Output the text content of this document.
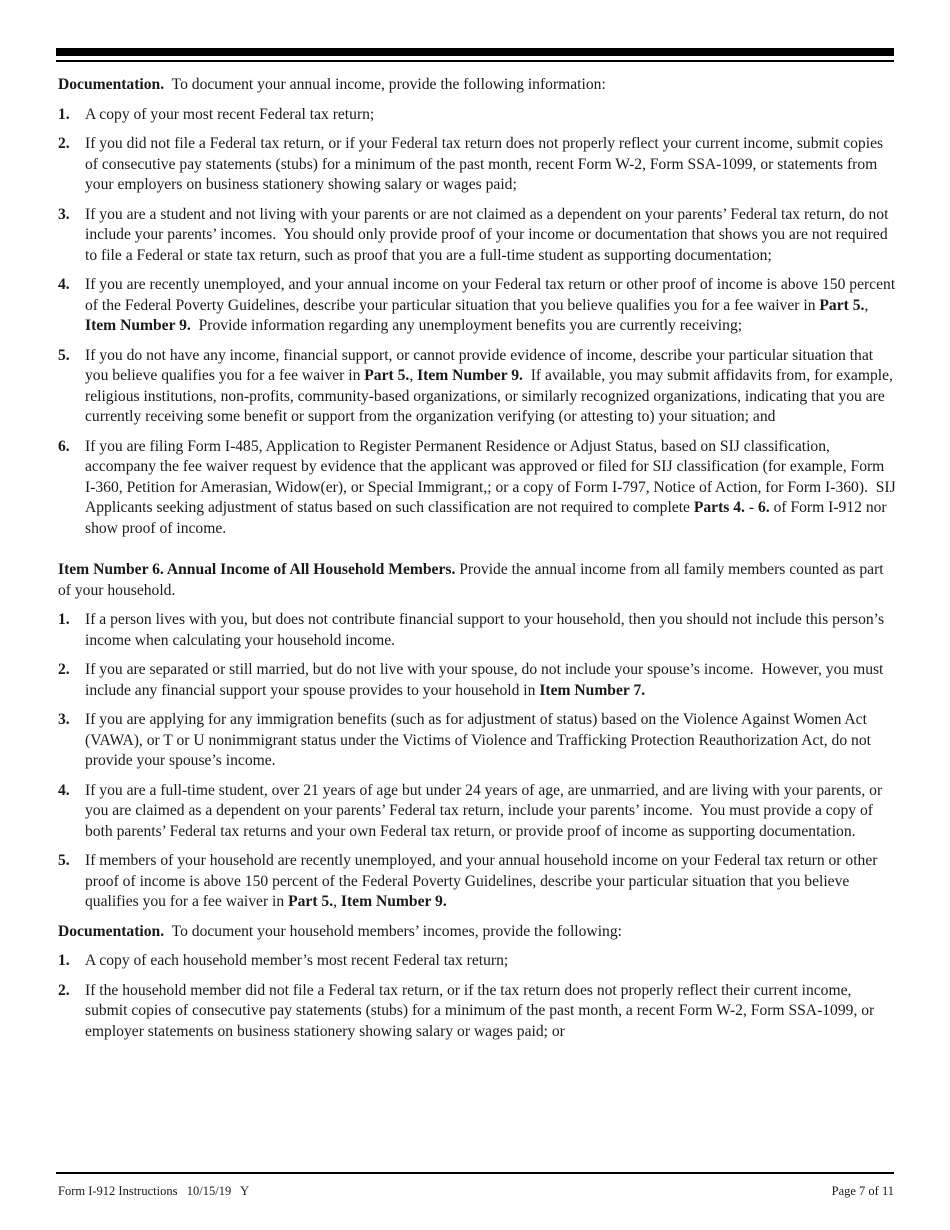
Documentation. To document your annual income, provide the following information:

1. A copy of your most recent Federal tax return;
2. If you did not file a Federal tax return, or if your Federal tax return does not properly reflect your current income, submit copies of consecutive pay statements (stubs) for a minimum of the past month, recent Form W-2, Form SSA-1099, or statements from your employers on business stationery showing salary or wages paid;
3. If you are a student and not living with your parents or are not claimed as a dependent on your parents’ Federal tax return, do not include your parents’ incomes.  You should only provide proof of your income or documentation that shows you are not required to file a Federal or state tax return, such as proof that you are a full-time student as supporting documentation;
4. If you are recently unemployed, and your annual income on your Federal tax return or other proof of income is above 150 percent of the Federal Poverty Guidelines, describe your particular situation that you believe qualifies you for a fee waiver in Part 5., Item Number 9.  Provide information regarding any unemployment benefits you are currently receiving;
5. If you do not have any income, financial support, or cannot provide evidence of income, describe your particular situation that you believe qualifies you for a fee waiver in Part 5., Item Number 9.  If available, you may submit affidavits from, for example, religious institutions, non-profits, community-based organizations, or similarly recognized organizations, indicating that you are currently receiving some benefit or support from the organization verifying (or attesting to) your situation; and
6. If you are filing Form I-485, Application to Register Permanent Residence or Adjust Status, based on SIJ classification, accompany the fee waiver request by evidence that the applicant was approved or filed for SIJ classification (for example, Form I-360, Petition for Amerasian, Widow(er), or Special Immigrant,; or a copy of Form I-797, Notice of Action, for Form I-360).  SIJ Applicants seeking adjustment of status based on such classification are not required to complete Parts 4. - 6. of Form I-912 nor show proof of income.

Item Number 6. Annual Income of All Household Members. Provide the annual income from all family members counted as part of your household.

1. If a person lives with you, but does not contribute financial support to your household, then you should not include this person’s income when calculating your household income.
2. If you are separated or still married, but do not live with your spouse, do not include your spouse’s income.  However, you must include any financial support your spouse provides to your household in Item Number 7.
3. If you are applying for any immigration benefits (such as for adjustment of status) based on the Violence Against Women Act (VAWA), or T or U nonimmigrant status under the Victims of Violence and Trafficking Protection Reauthorization Act, do not provide your spouse’s income.
4. If you are a full-time student, over 21 years of age but under 24 years of age, are unmarried, and are living with your parents, or you are claimed as a dependent on your parents’ Federal tax return, include your parents’ income.  You must provide a copy of both parents’ Federal tax returns and your own Federal tax return, or provide proof of income as supporting documentation.
5. If members of your household are recently unemployed, and your annual household income on your Federal tax return or other proof of income is above 150 percent of the Federal Poverty Guidelines, describe your particular situation that you believe qualifies you for a fee waiver in Part 5., Item Number 9.

Documentation. To document your household members’ incomes, provide the following:

1. A copy of each household member’s most recent Federal tax return;
2. If the household member did not file a Federal tax return, or if the tax return does not properly reflect their current income, submit copies of consecutive pay statements (stubs) for a minimum of the past month, a recent Form W-2, Form SSA-1099, or employer statements on business stationery showing salary or wages paid; or
Form I-912 Instructions   10/15/19   Y	Page 7 of 11
